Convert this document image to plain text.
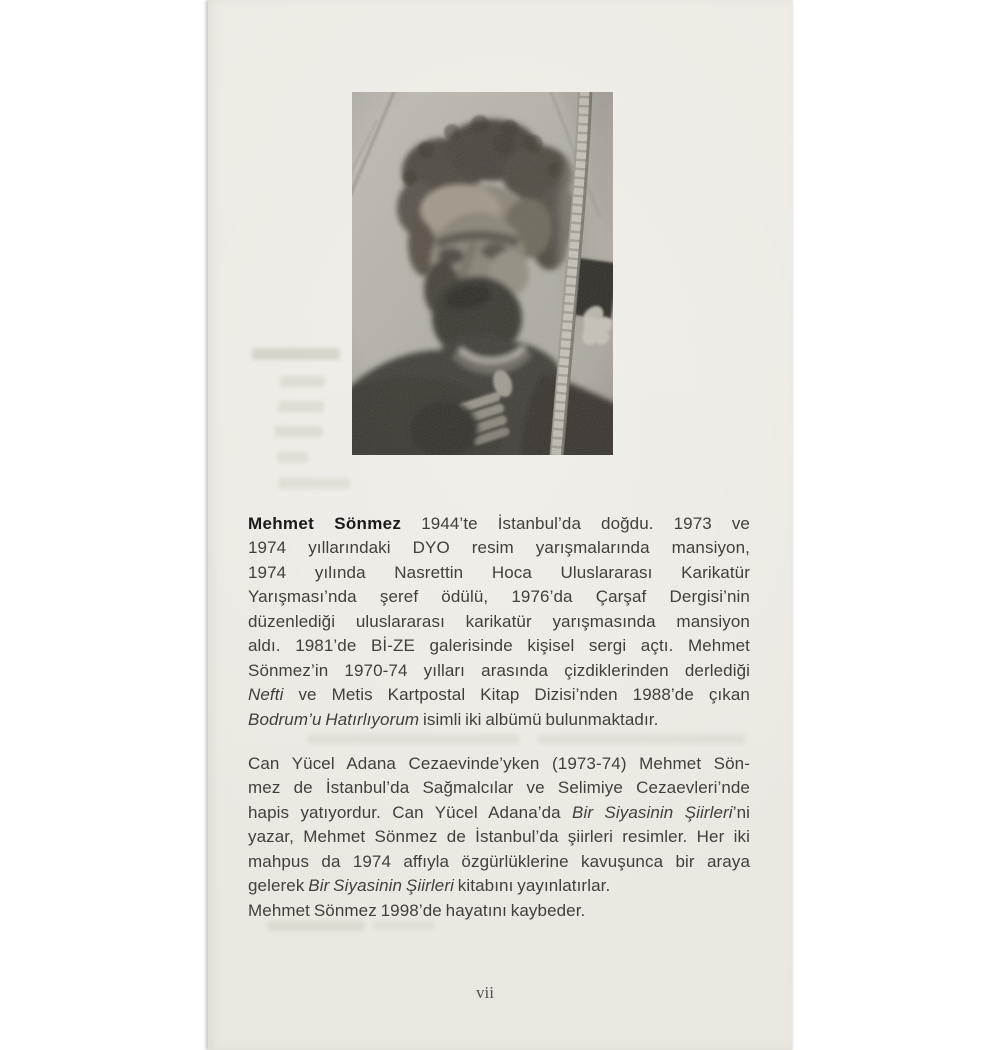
Mehmet Sönmez 1944’te İstanbul’da doğdu. 1973 ve
1974 yıllarındaki DYO resim yarışmalarında mansiyon,
1974 yılında Nasrettin Hoca Uluslararası Karikatür
Yarışması’nda şeref ödülü, 1976’da Çarşaf Dergisi’nin
düzenlediği uluslararası karikatür yarışmasında mansiyon
aldı. 1981’de Bİ-ZE galerisinde kişisel sergi açtı. Mehmet
Sönmez’in 1970-74 yılları arasında çizdiklerinden derlediği
Nefti ve Metis Kartpostal Kitap Dizisi’nden 1988’de çıkan
Bodrum’u Hatırlıyorum isimli iki albümü bulunmaktadır.
Can Yücel Adana Cezaevinde’yken (1973-74) Mehmet Sön-
mez de İstanbul’da Sağmalcılar ve Selimiye Cezaevleri’nde
hapis yatıyordur. Can Yücel Adana’da Bir Siyasinin Şiirleri’ni
yazar, Mehmet Sönmez de İstanbul’da şiirleri resimler. Her iki
mahpus da 1974 affıyla özgürlüklerine kavuşunca bir araya
gelerek Bir Siyasinin Şiirleri kitabını yayınlatırlar.
Mehmet Sönmez 1998’de hayatını kaybeder.
vii
